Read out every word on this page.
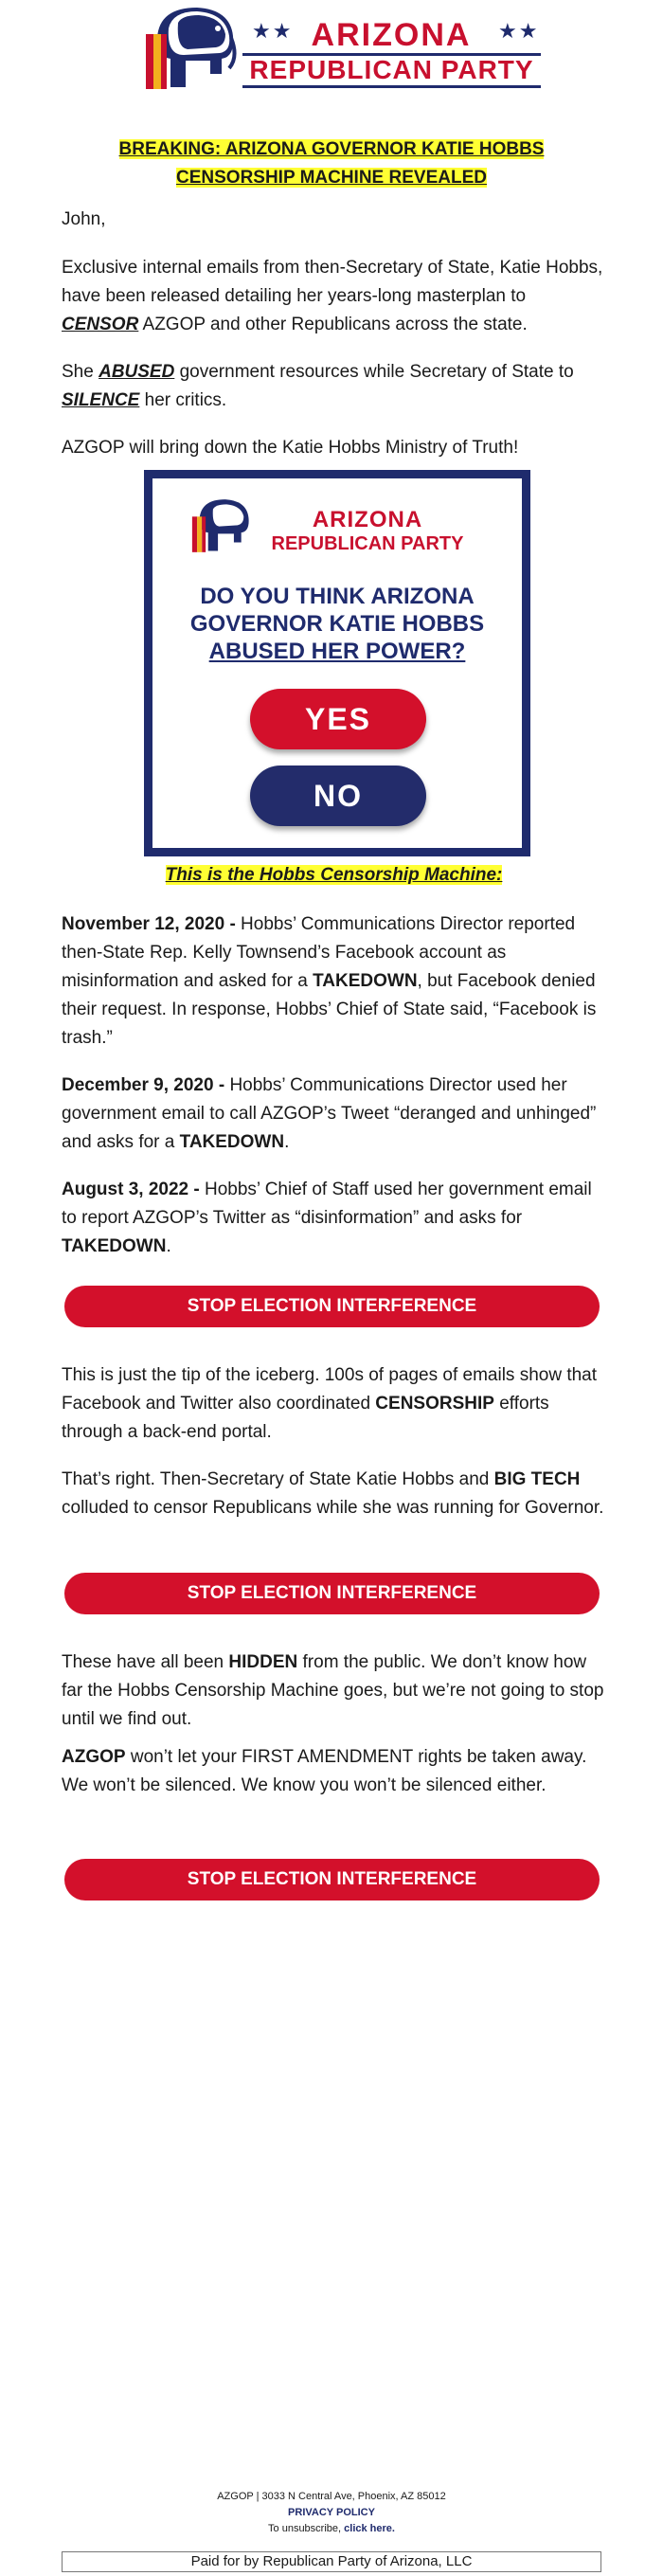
★★	★★
ARIZONA
REPUBLICAN PARTY
BREAKING: ARIZONA GOVERNOR KATIE HOBBS
CENSORSHIP MACHINE REVEALED
John,
Exclusive internal emails from then-Secretary of State, Katie Hobbs, have been released detailing her years-long masterplan to CENSOR AZGOP and other Republicans across the state.
She ABUSED government resources while Secretary of State to SILENCE her critics.
AZGOP will bring down the Katie Hobbs Ministry of Truth!
ARIZONA
REPUBLICAN PARTY
DO YOU THINK ARIZONA
GOVERNOR KATIE HOBBS
ABUSED HER POWER?
YES
NO
This is the Hobbs Censorship Machine:
November 12, 2020 - Hobbs’ Communications Director reported then-State Rep. Kelly Townsend’s Facebook account as misinformation and asked for a TAKEDOWN, but Facebook denied their request. In response, Hobbs’ Chief of State said, “Facebook is trash.”
December 9, 2020 - Hobbs’ Communications Director used her government email to call AZGOP’s Tweet “deranged and unhinged” and asks for a TAKEDOWN.
August 3, 2022 - Hobbs’ Chief of Staff used her government email to report AZGOP’s Twitter as “disinformation” and asks for TAKEDOWN.
STOP ELECTION INTERFERENCE
This is just the tip of the iceberg. 100s of pages of emails show that Facebook and Twitter also coordinated CENSORSHIP efforts through a back-end portal.
That’s right. Then-Secretary of State Katie Hobbs and BIG TECH colluded to censor Republicans while she was running for Governor.
STOP ELECTION INTERFERENCE
These have all been HIDDEN from the public. We don’t know how far the Hobbs Censorship Machine goes, but we’re not going to stop until we find out.
AZGOP won’t let your FIRST AMENDMENT rights be taken away. We won’t be silenced. We know you won’t be silenced either.
STOP ELECTION INTERFERENCE
AZGOP | 3033 N Central Ave, Phoenix, AZ 85012
PRIVACY POLICY
To unsubscribe, click here.
Paid for by Republican Party of Arizona, LLC
